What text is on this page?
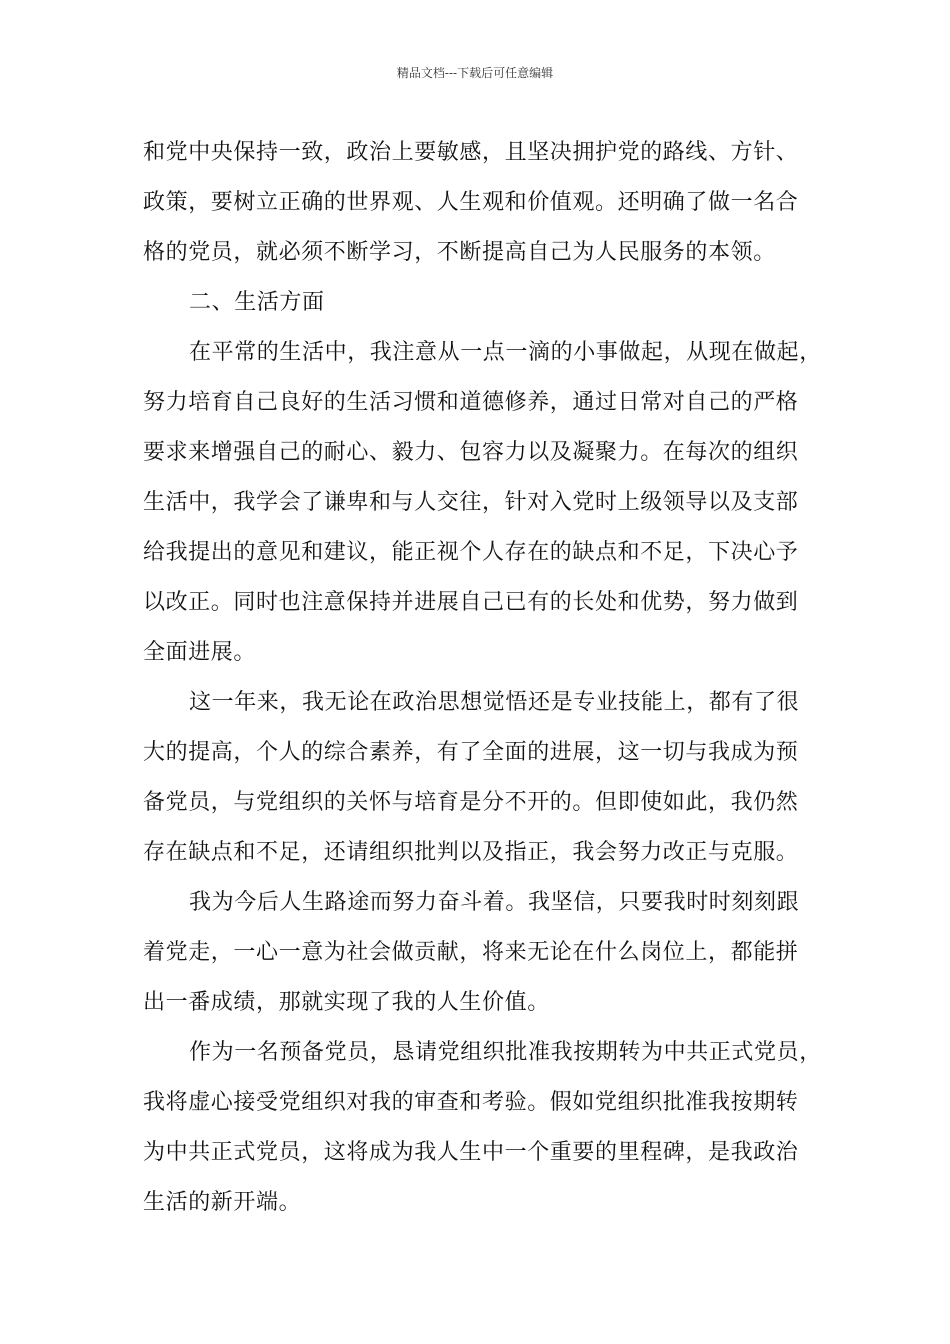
精品文档---下载后可任意编辑
和党中央保持一致，政治上要敏感，且坚决拥护党的路线、方针、
政策，要树立正确的世界观、人生观和价值观。还明确了做一名合
格的党员，就必须不断学习，不断提高自己为人民服务的本领。
二、生活方面
在平常的生活中，我注意从一点一滴的小事做起，从现在做起，
努力培育自己良好的生活习惯和道德修养，通过日常对自己的严格
要求来增强自己的耐心、毅力、包容力以及凝聚力。在每次的组织
生活中，我学会了谦卑和与人交往，针对入党时上级领导以及支部
给我提出的意见和建议，能正视个人存在的缺点和不足，下决心予
以改正。同时也注意保持并进展自己已有的长处和优势，努力做到
全面进展。
这一年来，我无论在政治思想觉悟还是专业技能上，都有了很
大的提高，个人的综合素养，有了全面的进展，这一切与我成为预
备党员，与党组织的关怀与培育是分不开的。但即使如此，我仍然
存在缺点和不足，还请组织批判以及指正，我会努力改正与克服。
我为今后人生路途而努力奋斗着。我坚信，只要我时时刻刻跟
着党走，一心一意为社会做贡献，将来无论在什么岗位上，都能拼
出一番成绩，那就实现了我的人生价值。
作为一名预备党员，恳请党组织批准我按期转为中共正式党员，
我将虚心接受党组织对我的审查和考验。假如党组织批准我按期转
为中共正式党员，这将成为我人生中一个重要的里程碑，是我政治
生活的新开端。
